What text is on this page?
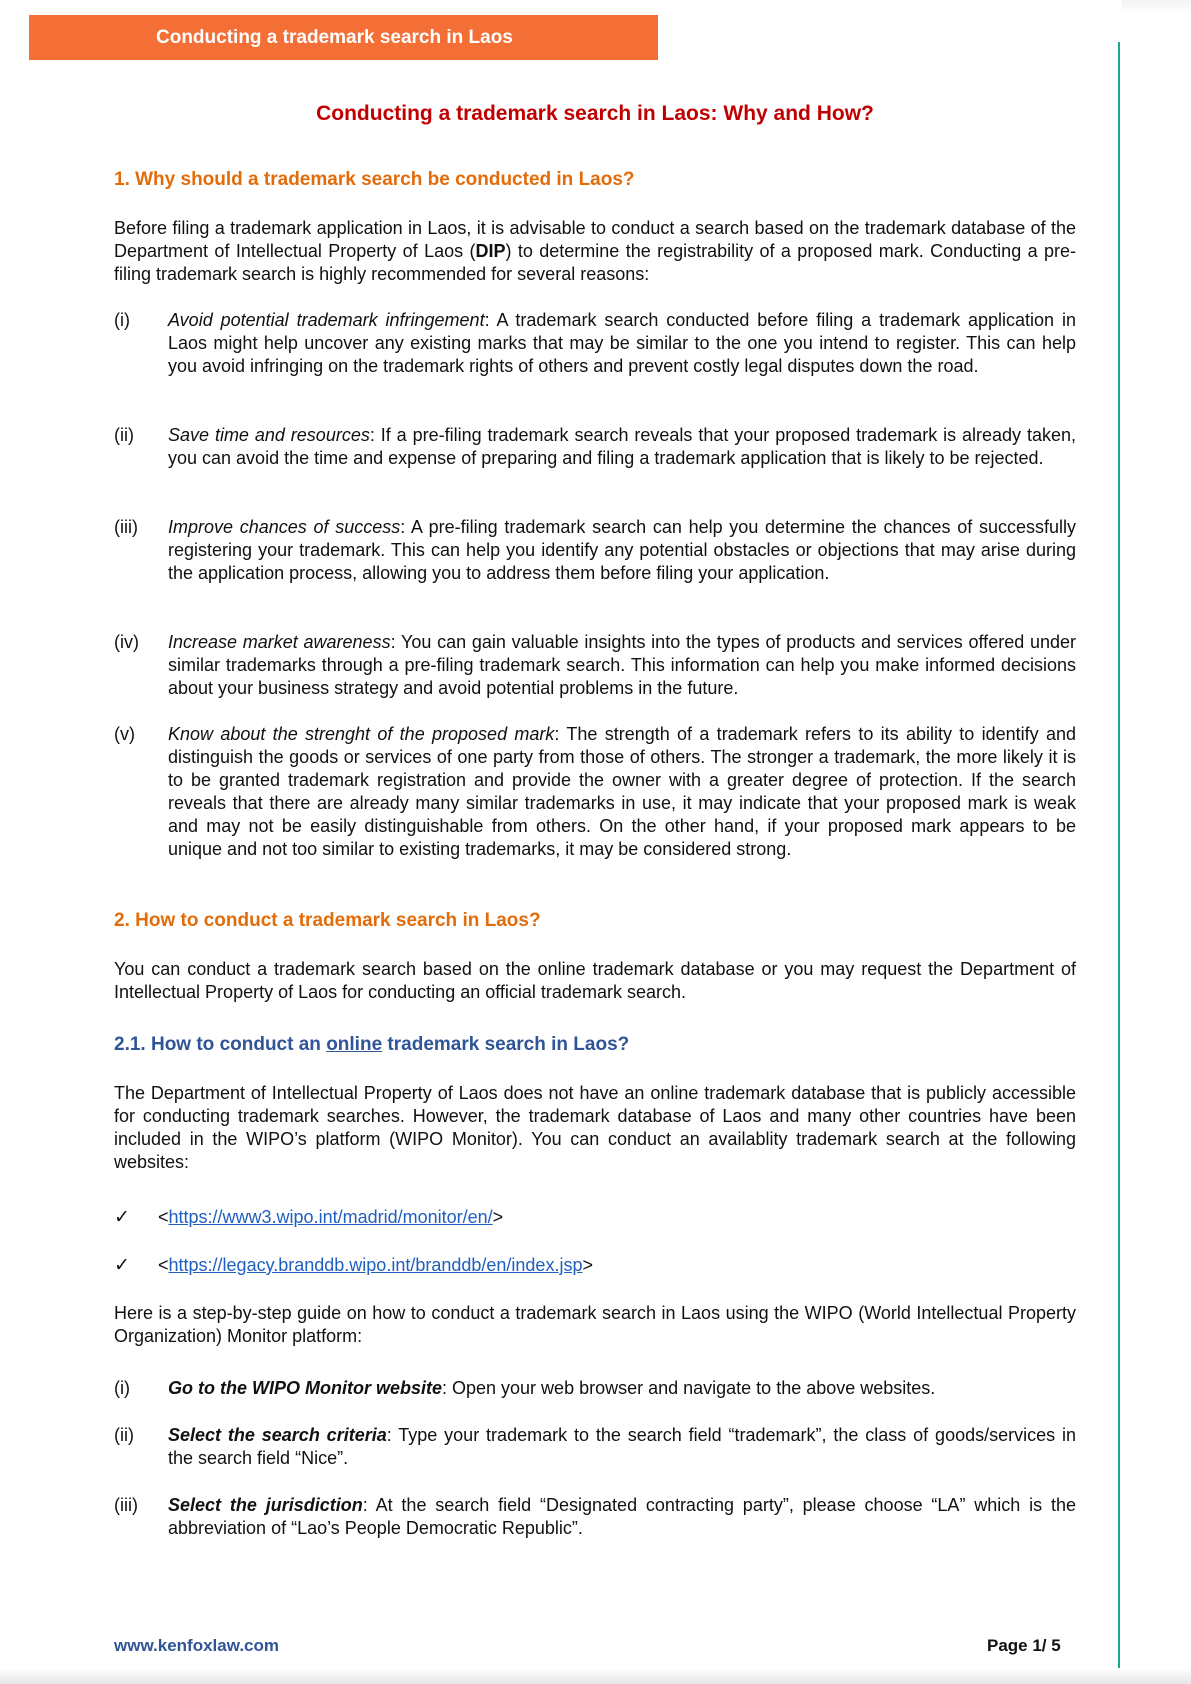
Conducting a trademark search in Laos
Conducting a trademark search in Laos: Why and How?
1. Why should a trademark search be conducted in Laos?

Before filing a trademark application in Laos, it is advisable to conduct a search based on the trademark database of the Department of Intellectual Property of Laos (DIP) to determine the registrability of a proposed mark. Conducting a pre-filing trademark search is highly recommended for several reasons:

(i)	Avoid potential trademark infringement: A trademark search conducted before filing a trademark application in Laos might help uncover any existing marks that may be similar to the one you intend to register. This can help you avoid infringing on the trademark rights of others and prevent costly legal disputes down the road.
(ii)	Save time and resources: If a pre-filing trademark search reveals that your proposed trademark is already taken, you can avoid the time and expense of preparing and filing a trademark application that is likely to be rejected.
(iii)	Improve chances of success: A pre-filing trademark search can help you determine the chances of successfully registering your trademark. This can help you identify any potential obstacles or objections that may arise during the application process, allowing you to address them before filing your application.
(iv)	Increase market awareness: You can gain valuable insights into the types of products and services offered under similar trademarks through a pre-filing trademark search. This information can help you make informed decisions about your business strategy and avoid potential problems in the future.
(v)	Know about the strenght of the proposed mark: The strength of a trademark refers to its ability to identify and distinguish the goods or services of one party from those of others. The stronger a trademark, the more likely it is to be granted trademark registration and provide the owner with a greater degree of protection. If the search reveals that there are already many similar trademarks in use, it may indicate that your proposed mark is weak and may not be easily distinguishable from others. On the other hand, if your proposed mark appears to be unique and not too similar to existing trademarks, it may be considered strong.
2. How to conduct a trademark search in Laos?

You can conduct a trademark search based on the online trademark database or you may request the Department of Intellectual Property of Laos for conducting an official trademark search.

2.1. How to conduct an online trademark search in Laos?

The Department of Intellectual Property of Laos does not have an online trademark database that is publicly accessible for conducting trademark searches. However, the trademark database of Laos and many other countries have been included in the WIPO’s platform (WIPO Monitor). You can conduct an availablity trademark search at the following websites:

✓	<https://www3.wipo.int/madrid/monitor/en/>
✓	<https://legacy.branddb.wipo.int/branddb/en/index.jsp>

Here is a step-by-step guide on how to conduct a trademark search in Laos using the WIPO (World Intellectual Property Organization) Monitor platform:

(i)	Go to the WIPO Monitor website: Open your web browser and navigate to the above websites.
(ii)	Select the search criteria: Type your trademark to the search field “trademark”, the class of goods/services in the search field “Nice”.
(iii)	Select the jurisdiction: At the search field “Designated contracting party”, please choose “LA” which is the abbreviation of “Lao’s People Democratic Republic”.
www.kenfoxlaw.com	Page 1/ 5
